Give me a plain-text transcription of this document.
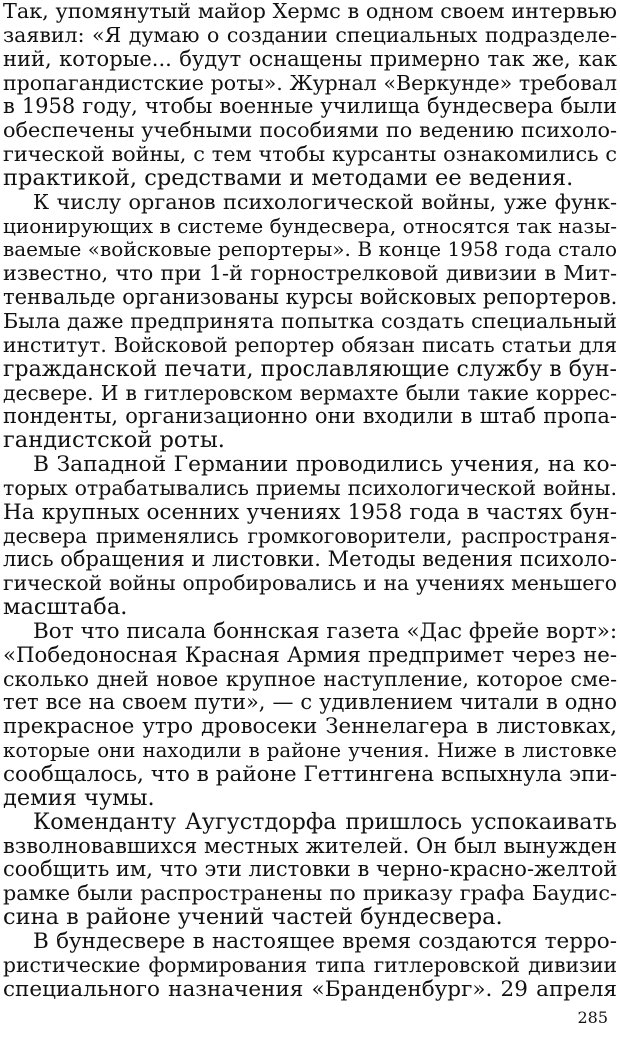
Так, упомянутый майор Хермс в одном своем интервью
заявил: «Я думаю о создании специальных подразделе-
ний, которые... будут оснащены примерно так же, как
пропагандистские роты». Журнал «Веркунде» требовал
в 1958 году, чтобы военные училища бундесвера были
обеспечены учебными пособиями по ведению психоло-
гической войны, с тем чтобы курсанты ознакомились с
практикой, средствами и методами ее ведения.
К числу органов психологической войны, уже функ-
ционирующих в системе бундесвера, относятся так назы-
ваемые «войсковые репортеры». В конце 1958 года стало
известно, что при 1-й горнострелковой дивизии в Мит-
тенвальде организованы курсы войсковых репортеров.
Была даже предпринята попытка создать специальный
институт. Войсковой репортер обязан писать статьи для
гражданской печати, прославляющие службу в бун-
десвере. И в гитлеровском вермахте были такие коррес-
понденты, организационно они входили в штаб пропа-
гандистской роты.
В Западной Германии проводились учения, на ко-
торых отрабатывались приемы психологической войны.
На крупных осенних учениях 1958 года в частях бун-
десвера применялись громкоговорители, распространя-
лись обращения и листовки. Методы ведения психоло-
гической войны опробировались и на учениях меньшего
масштаба.
Вот что писала боннская газета «Дас фрейе ворт»:
«Победоносная Красная Армия предпримет через не-
сколько дней новое крупное наступление, которое сме-
тет все на своем пути», — с удивлением читали в одно
прекрасное утро дровосеки Зеннелагера в листовках,
которые они находили в районе учения. Ниже в листовке
сообщалось, что в районе Геттингена вспыхнула эпи-
демия чумы.
Коменданту Аугустдорфа пришлось успокаивать
взволновавшихся местных жителей. Он был вынужден
сообщить им, что эти листовки в черно-красно-желтой
рамке были распространены по приказу графа Баудис-
сина в районе учений частей бундесвера.
В бундесвере в настоящее время создаются терро-
ристические формирования типа гитлеровской дивизии
специального назначения «Бранденбург». 29 апреля
285
